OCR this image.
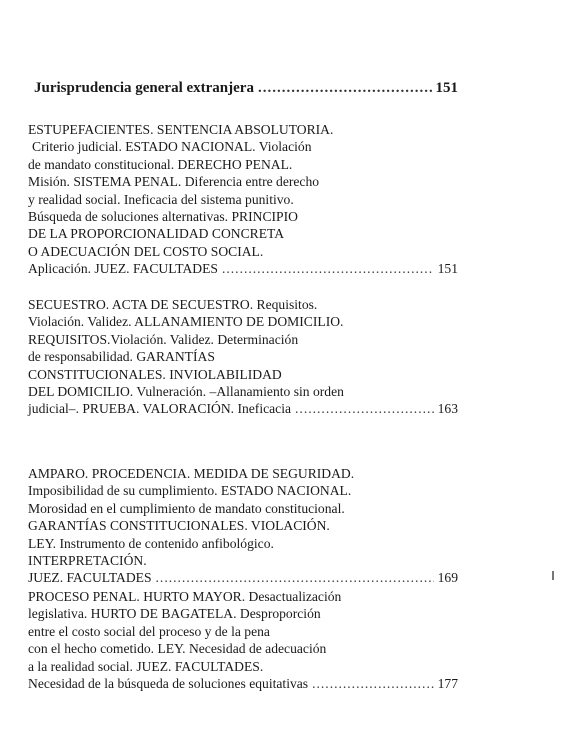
Jurisprudencia general extranjera .....	151
ESTUPEFACIENTES. SENTENCIA ABSOLUTORIA.
Criterio judicial. ESTADO NACIONAL. Violación
de mandato constitucional. DERECHO PENAL.
Misión. SISTEMA PENAL. Diferencia entre derecho
y realidad social. Ineficacia del sistema punitivo.
Búsqueda de soluciones alternativas. PRINCIPIO
DE LA PROPORCIONALIDAD CONCRETA
O ADECUACIÓN DEL COSTO SOCIAL.
Aplicación. JUEZ. FACULTADES .....	151
SECUESTRO. ACTA DE SECUESTRO. Requisitos.
Violación. Validez. ALLANAMIENTO DE DOMICILIO.
REQUISITOS.Violación. Validez. Determinación
de responsabilidad. GARANTÍAS
CONSTITUCIONALES. INVIOLABILIDAD
DEL DOMICILIO. Vulneración. –Allanamiento sin orden
judicial–. PRUEBA. VALORACIÓN. Ineficacia .....	163
AMPARO. PROCEDENCIA. MEDIDA DE SEGURIDAD.
Imposibilidad de su cumplimiento. ESTADO NACIONAL.
Morosidad en el cumplimiento de mandato constitucional.
GARANTÍAS CONSTITUCIONALES. VIOLACIÓN.
LEY. Instrumento de contenido anfibológico.
INTERPRETACIÓN.
JUEZ. FACULTADES .....	169
PROCESO PENAL. HURTO MAYOR. Desactualización
legislativa. HURTO DE BAGATELA. Desproporción
entre el costo social del proceso y de la pena
con el hecho cometido. LEY. Necesidad de adecuación
a la realidad social. JUEZ. FACULTADES.
Necesidad de la búsqueda de soluciones equitativas .....	177
